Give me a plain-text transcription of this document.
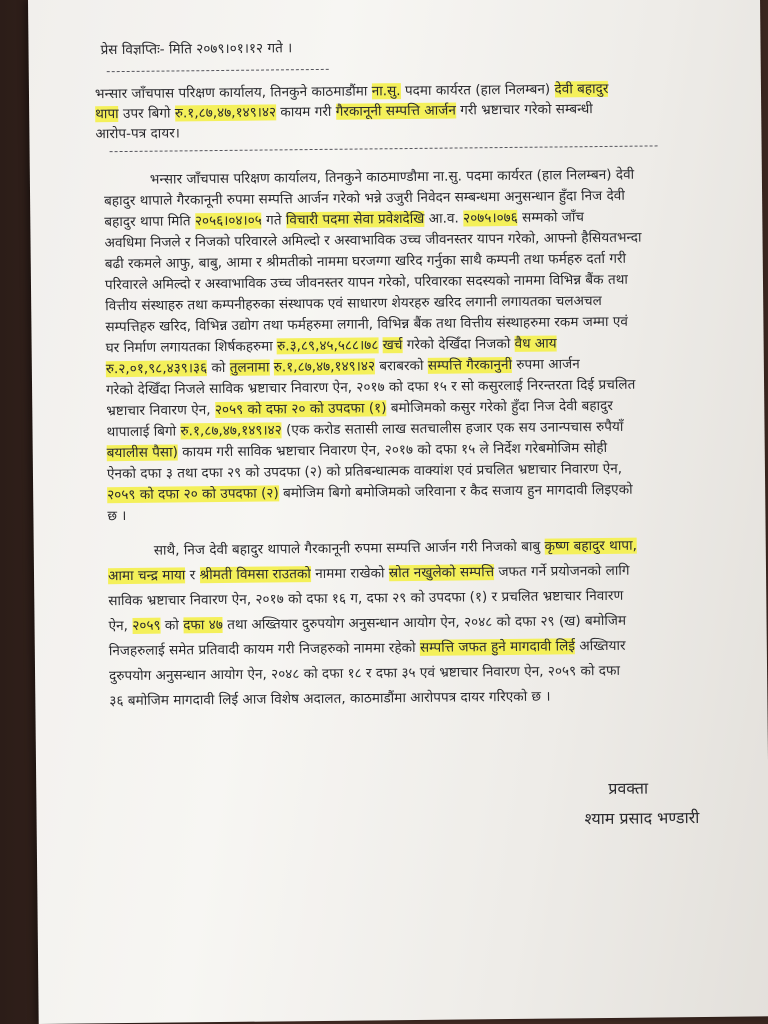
प्रेस विज्ञप्तिः- मिति २०७९।०१।१२ गते ।
भन्सार जाँचपास परिक्षण कार्यालय, तिनकुने काठमाडौंमा ना.सु. पदमा कार्यरत (हाल निलम्बन) देवी बहादुर
थापा उपर बिगो रु.१,८७,४७,१४९।४२ कायम गरी गैरकानूनी सम्पत्ति आर्जन गरी भ्रष्टाचार गरेको सम्बन्धी
आरोप-पत्र दायर।
भन्सार जाँचपास परिक्षण कार्यालय, तिनकुने काठमाण्डौमा ना.सु. पदमा कार्यरत (हाल निलम्बन) देवी
बहादुर थापाले गैरकानूनी रुपमा सम्पत्ति आर्जन गरेको भन्ने उजुरी निवेदन सम्बन्धमा अनुसन्धान हुँदा निज देवी
बहादुर थापा मिति २०५६।०४।०५ गते विचारी पदमा सेवा प्रवेशदेखि आ.व. २०७५।०७६ सम्मको जाँच
अवधिमा निजले र निजको परिवारले अमिल्दो र अस्वाभाविक उच्च जीवनस्तर यापन गरेको, आफ्नो हैसियतभन्दा
बढी रकमले आफु, बाबु, आमा र श्रीमतीको नाममा घरजग्गा खरिद गर्नुका साथै कम्पनी तथा फर्महरु दर्ता गरी
परिवारले अमिल्दो र अस्वाभाविक उच्च जीवनस्तर यापन गरेको, परिवारका सदस्यको नाममा विभिन्न बैंक तथा
वित्तीय संस्थाहरु तथा कम्पनीहरुका संस्थापक एवं साधारण शेयरहरु खरिद लगानी लगायतका चलअचल
सम्पत्तिहरु खरिद, विभिन्न उद्योग तथा फर्महरुमा लगानी, विभिन्न बैंक तथा वित्तीय संस्थाहरुमा रकम जम्मा एवं
घर निर्माण लगायतका शिर्षकहरुमा रु.३,८९,४५,५८८।७८ खर्च गरेको देखिँदा निजको वैध आय
रु.२,०१,९८,४३९।३६ को तुलनामा रु.१,८७,४७,१४९।४२ बराबरको सम्पत्ति गैरकानुनी रुपमा आर्जन
गरेको देखिँदा निजले साविक भ्रष्टाचार निवारण ऐन, २०१७ को दफा १५ र सो कसुरलाई निरन्तरता दिई प्रचलित
भ्रष्टाचार निवारण ऐन, २०५९ को दफा २० को उपदफा (१) बमोजिमको कसुर गरेको हुँदा निज देवी बहादुर
थापालाई बिगो रु.१,८७,४७,१४९।४२ (एक करोड सतासी लाख सतचालीस हजार एक सय उनान्पचास रुपैयाँ
बयालीस पैसा) कायम गरी साविक भ्रष्टाचार निवारण ऐन, २०१७ को दफा १५ ले निर्देश गरेबमोजिम सोही
ऐनको दफा ३ तथा दफा २९ को उपदफा (२) को प्रतिबन्धात्मक वाक्यांश एवं प्रचलित भ्रष्टाचार निवारण ऐन,
२०५९ को दफा २० को उपदफा (२) बमोजिम बिगो बमोजिमको जरिवाना र कैद सजाय हुन मागदावी लिइएको
छ ।
साथै, निज देवी बहादुर थापाले गैरकानूनी रुपमा सम्पत्ति आर्जन गरी निजको बाबु कृष्ण बहादुर थापा,
आमा चन्द्र माया र श्रीमती विमसा राउतको नाममा राखेको स्रोत नखुलेको सम्पत्ति जफत गर्ने प्रयोजनको लागि
साविक भ्रष्टाचार निवारण ऐन, २०१७ को दफा १६ ग, दफा २९ को उपदफा (१) र प्रचलित भ्रष्टाचार निवारण
ऐन, २०५९ को दफा ४७ तथा अख्तियार दुरुपयोग अनुसन्धान आयोग ऐन, २०४८ को दफा २९ (ख) बमोजिम
निजहरुलाई समेत प्रतिवादी कायम गरी निजहरुको नाममा रहेको सम्पत्ति जफत हुने मागदावी लिई अख्तियार
दुरुपयोग अनुसन्धान आयोग ऐन, २०४८ को दफा १८ र दफा ३५ एवं भ्रष्टाचार निवारण ऐन, २०५९ को दफा
३६ बमोजिम मागदावी लिई आज विशेष अदालत, काठमाडौंमा आरोपपत्र दायर गरिएको छ ।
प्रवक्ता
श्याम प्रसाद भण्डारी
